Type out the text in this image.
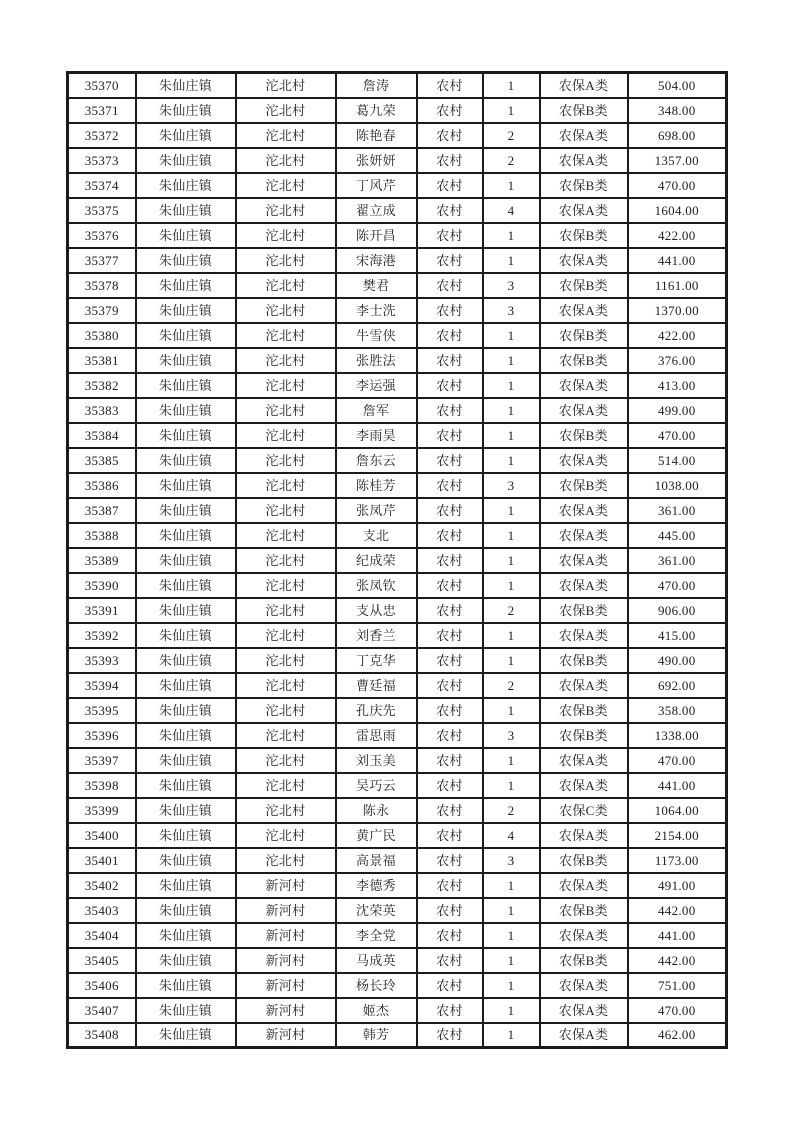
35370	朱仙庄镇	沱北村	詹涛	农村	1	农保A类	504.00
35371	朱仙庄镇	沱北村	葛九荣	农村	1	农保B类	348.00
35372	朱仙庄镇	沱北村	陈艳春	农村	2	农保A类	698.00
35373	朱仙庄镇	沱北村	张妍妍	农村	2	农保A类	1357.00
35374	朱仙庄镇	沱北村	丁风芹	农村	1	农保B类	470.00
35375	朱仙庄镇	沱北村	翟立成	农村	4	农保A类	1604.00
35376	朱仙庄镇	沱北村	陈开昌	农村	1	农保B类	422.00
35377	朱仙庄镇	沱北村	宋海港	农村	1	农保A类	441.00
35378	朱仙庄镇	沱北村	樊君	农村	3	农保B类	1161.00
35379	朱仙庄镇	沱北村	李士洗	农村	3	农保A类	1370.00
35380	朱仙庄镇	沱北村	牛雪侠	农村	1	农保B类	422.00
35381	朱仙庄镇	沱北村	张胜法	农村	1	农保B类	376.00
35382	朱仙庄镇	沱北村	李运强	农村	1	农保A类	413.00
35383	朱仙庄镇	沱北村	詹军	农村	1	农保A类	499.00
35384	朱仙庄镇	沱北村	李雨昊	农村	1	农保B类	470.00
35385	朱仙庄镇	沱北村	詹东云	农村	1	农保A类	514.00
35386	朱仙庄镇	沱北村	陈桂芳	农村	3	农保B类	1038.00
35387	朱仙庄镇	沱北村	张凤芹	农村	1	农保A类	361.00
35388	朱仙庄镇	沱北村	支北	农村	1	农保A类	445.00
35389	朱仙庄镇	沱北村	纪成荣	农村	1	农保A类	361.00
35390	朱仙庄镇	沱北村	张凤钦	农村	1	农保A类	470.00
35391	朱仙庄镇	沱北村	支从忠	农村	2	农保B类	906.00
35392	朱仙庄镇	沱北村	刘香兰	农村	1	农保A类	415.00
35393	朱仙庄镇	沱北村	丁克华	农村	1	农保B类	490.00
35394	朱仙庄镇	沱北村	曹廷福	农村	2	农保A类	692.00
35395	朱仙庄镇	沱北村	孔庆先	农村	1	农保B类	358.00
35396	朱仙庄镇	沱北村	雷思雨	农村	3	农保B类	1338.00
35397	朱仙庄镇	沱北村	刘玉美	农村	1	农保A类	470.00
35398	朱仙庄镇	沱北村	吴巧云	农村	1	农保A类	441.00
35399	朱仙庄镇	沱北村	陈永	农村	2	农保C类	1064.00
35400	朱仙庄镇	沱北村	黄广民	农村	4	农保A类	2154.00
35401	朱仙庄镇	沱北村	高景福	农村	3	农保B类	1173.00
35402	朱仙庄镇	新河村	李德秀	农村	1	农保A类	491.00
35403	朱仙庄镇	新河村	沈荣英	农村	1	农保B类	442.00
35404	朱仙庄镇	新河村	李全党	农村	1	农保A类	441.00
35405	朱仙庄镇	新河村	马成英	农村	1	农保B类	442.00
35406	朱仙庄镇	新河村	杨长玲	农村	1	农保A类	751.00
35407	朱仙庄镇	新河村	姬杰	农村	1	农保A类	470.00
35408	朱仙庄镇	新河村	韩芳	农村	1	农保A类	462.00
